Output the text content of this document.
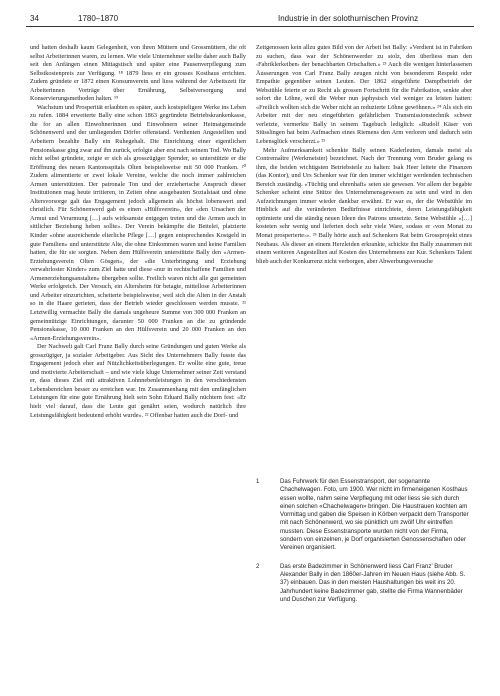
34	1780–1870	Industrie in der solothurnischen Provinz

und hatten deshalb kaum Gelegenheit, von ihren Müttern und Grossmüttern, die oft selbst Arbeiterinnen waren, zu lernen. Wie viele Unternehmer stellte daher auch Bally seit den Anfängen einen Mittagstisch und später eine Pausenverpflegung zum Selbstkostenpreis zur Verfügung. ¹⁸ 1879 liess er ein grosses Kosthaus errichten. Zudem gründete er 1872 einen Konsumverein und liess während der Arbeitszeit für Arbeiterinnen Vorträge über Ernährung, Selbstversorgung und Konservierungsmethoden halten. ¹⁹

Wachstum und Prosperität erlaubten es später, auch kostspieligere Werke ins Leben zu rufen. 1884 erweiterte Bally eine schon 1863 gegründete Betriebskrankenkasse, die for an allen Einwohnerinnen und Einwohnern seiner Heimatgemeinde Schönenwerd und der umliegenden Dörfer offenstand. Verdienten Angestellten und Arbeitern bezahlte Bally ein Ruhegehalt. Die Einrichtung einer eigentlichen Pensionskasse ging zwar auf ihn zurück, erfolgte aber erst nach seinem Tod. Wo Bally nicht selbst gründete, zeigte er sich als grosszügiger Spender, so unterstützte er die Eröffnung des neuen Kantonsspitals Olten beispielsweise mit 50 000 Franken. ²⁰ Zudem alimentierte er zwei lokale Vereine, welche die noch immer zahlreichen Armen unterstützten. Der patronale Ton und der erzieherische Anspruch dieser Institutionen mag heute irritieren, in Zeiten ohne ausgebauten Sozialstaat und ohne Altersvorsorge galt das Engagement jedoch allgemein als höchst lobenswert und christlich. Für Schönenwerd gab es einen «Hülfsverein», der «den Ursachen der Armut und Verarmung […] aufs wirksamste entgegen treten und die Armen auch in sittlicher Beziehung heben sollte». Der Verein bekämpfte die Bettelei, platzierte Kinder «ohne ausreichende elterliche Pflege […] gegen entsprechendes Kostgeld in gute Familien» und unterstützte Alte, die ohne Einkommen waren und keine Familien hatten, die für sie sorgten. Neben dem Hülfsverein unterstützte Bally den «Armen-Erziehungsverein Olten Gösgen», der «die Unterbringung und Erziehung verwahrloster Kinder» zum Ziel hatte und diese «nur in rechtschaffene Familien und Armenerziehungsanstalten» übergeben sollte. Freilich waren nicht alle gut gemeinten Werke erfolgreich. Der Versuch, ein Altersheim für betagte, mittellose Arbeiterinnen und Arbeiter einzurichten, scheiterte beispielsweise, weil sich die Alten in der Anstalt so in die Haare gerieten, dass der Betrieb wieder geschlossen werden musste. ²¹ Letztwillig vermachte Bally die damals ungeheure Summe von 300 000 Franken an gemeinnützige Einrichtungen, darunter 50 000 Franken an die zu gründende Pensionskasse, 10 000 Franken an den Hülfsverein und 20 000 Franken an den «Armen-Erziehungsverein».

Der Nachwelt galt Carl Franz Bally durch seine Gründungen und guten Werke als grosszügiger, ja sozialer Arbeitgeber. Aus Sicht des Unternehmers Bally fusste das Engagement jedoch eher auf Nützlichkeitsüberlegungen. Er wollte eine gute, treue und motivierte Arbeiterschaft – und wie viele kluge Unternehmer seiner Zeit verstand er, dass dieses Ziel mit attraktiven Lohnnebenleistungen in den verschiedensten Lebensbereichen besser zu erreichen war. Im Zusammenhang mit den umfänglichen Leistungen für eine gute Ernährung hielt sein Sohn Eduard Bally nüchtern fest: «Er hielt viel darauf, dass die Leute gut genährt seien, wodurch natürlich ihre Leistungsfähigkeit bedeutend erhöht wurde». ²² Offenbar hatten auch die Dorf- und

Zeitgenossen kein allzu gutes Bild von der Arbeit bei Bally: «Verdient ist in Fabriken zu suchen, dass war der Schönenwerder zu stolz, den überliess man den ‹Fabriklerkeiben› der benachbarten Ortschaften.» ²³ Auch die wenigen hinterlassenen Äusserungen von Carl Franz Bally zeugen nicht von besonderem Respekt oder Empathie gegenüber seinen Leuten. Der 1862 eingeführte Dampfbetrieb der Webstühle feierte er zu Recht als grossen Fortschritt für die Fabrikation, senkte aber sofort die Löhne, weil die Weber nun japhysisch viel weniger zu leisten hatten: «Freilich wollten sich die Weber nicht an reduzierte Löhne gewöhnen.» ²⁴ Als sich ein Arbeiter mit der neu eingeführten gefährlichen Transmissionstechnik schwer verletzte, vermerkte Bally in seinem Tagebuch lediglich: «Rudolf Käser von Stüsslingen hat beim Aufmachen eines Riemens den Arm verloren und dadurch sein Lebensglück verscherzt.» ²⁵

Mehr Aufmerksamkeit schenkte Bally seinen Kaderleuten, damals meist als Contremaître (Werkmeister) bezeichnet. Nach der Trennung vom Bruder gelang es ihm, die beiden wichtigsten Betriebsteile zu halten: Isak Heer leitete die Finanzen (das Kontor), und Urs Schenker war für den immer wichtiger werdenden technischen Bereich zuständig. «Tüchtig und ehrenhaft» seien sie gewesen. Vor allem der begabte Schenker scheint eine Stütze des Unternehmensgewesen zu sein und wird in den Aufzeichnungen immer wieder dankbar erwähnt. Er war es, der die Webstühle im Hinblick auf die veränderten Bedürfnisse einrichtete, deren Leistungsfähigkeit optimierte und die ständig neuen Ideen des Patrons umsetzte. Seine Webstühle «[…] kosteten sehr wenig und lieferten doch sehr viele Ware, sodass er ‹von Monat zu Monat prosperierte›». ²⁶ Bally hörte auch auf Schenkers Rat beim Grossprojekt eines Neubaus. Als dieser an einem Herzleiden erkrankte, schickte ihn Bally zusammen mit einem weiteren Angestellten auf Kosten des Unternehmens zur Kur. Schenkers Talent blieb auch der Konkurrenz nicht verborgen, aber Abwerbungsversuche

1	Das Fuhrwerk für den Essenstransport, der sogenannte Chachelwagen. Foto, um 1900. Wer nicht im firmeneigenen Kosthaus essen wollte, nahm seine Verpflegung mit oder liess sie sich durch einen solchen «Chachelwagen» bringen. Die Haustrauen kochten am Vormittag und gaben die Speisen in Körben verpackt dem Transporter mit nach Schönenwerd, wo sie pünktlich um zwölf Uhr eintreffen mussten. Diese Essenstransporte wurden nicht von der Firma, sondern von einzelnen, je Dorf organisierten Genossenschaften oder Vereinen organisiert.
2	Das erste Badezimmer in Schönenwerd liess Carl Franz’ Bruder Alexander Bally in den 1860er-Jahren im Neuen Haus (siehe Abb. S. 37) einbauen. Das in den meisten Haushaltungen bis weit ins 20. Jahrhundert keine Badezimmer gab, stellte die Firma Wannenbäder und Duschen zur Verfügung.
